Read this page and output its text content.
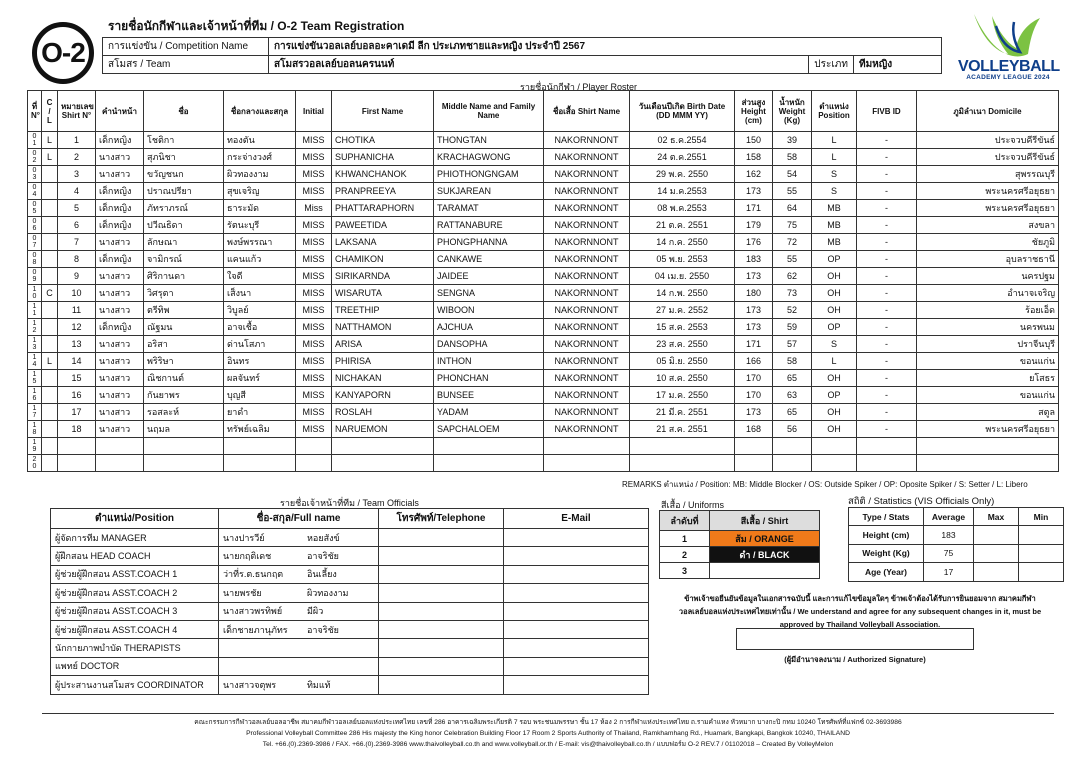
O-2
รายชื่อนักกีฬาและเจ้าหน้าที่ทีม / O-2 Team Registration
การแข่งขัน / Competition Name	การแข่งขันวอลเลย์บอลอะคาเดมี ลีก ประเภทชายและหญิง ประจำปี 2567		
สโมสร / Team	สโมสรวอลเลย์บอลนครนนท์	ประเภท	ทีมหญิง	VOLLEYBALL
ACADEMY LEAGUE 2024
รายชื่อนักกีฬา / Player Roster
ที่ N°	C / L	หมายเลข Shirt N°	คำนำหน้า	ชื่อ	ชื่อกลางและสกุล	Initial	First Name	Middle Name and Family Name	ชื่อเสื้อ Shirt Name	วันเดือนปีเกิด Birth Date (DD MMM YY)	ส่วนสูง Height (cm)	น้ำหนัก Weight (Kg)	ตำแหน่ง Position	FIVB ID	ภูมิลำเนา Domicile

0
1	L	1	เด็กหญิง	โชติกา	ทองตัน	MISS	CHOTIKA	THONGTAN	NAKORNNONT	02 ธ.ค.2554	150	39	L	-	ประจวบคีรีขันธ์

0
2	L	2	นางสาว	สุภนิชา	กระจ่างวงศ์	MISS	SUPHANICHA	KRACHAGWONG	NAKORNNONT	24 ต.ค.2551	158	58	L	-	ประจวบคีรีขันธ์

0
3		3	นางสาว	ขวัญชนก	ผิวทองงาม	MISS	KHWANCHANOK	PHIOTHONGNGAM	NAKORNNONT	29 พ.ค. 2550	162	54	S	-	สุพรรณบุรี

0
4		4	เด็กหญิง	ปราณปรียา	สุขเจริญ	MISS	PRANPREEYA	SUKJAREAN	NAKORNNONT	14 ม.ค.2553	173	55	S	-	พระนครศรีอยุธยา

0
5		5	เด็กหญิง	ภัทราภรณ์	ธาระมัด	Miss	PHATTARAPHORN	TARAMAT	NAKORNNONT	08 พ.ค.2553	171	64	MB	-	พระนครศรีอยุธยา

0
6		6	เด็กหญิง	ปวีณธิดา	รัตนะบุรี	MISS	PAWEETIDA	RATTANABURE	NAKORNNONT	21 ต.ค. 2551	179	75	MB	-	สงขลา

0
7		7	นางสาว	ลักษณา	พงษ์พรรณา	MISS	LAKSANA	PHONGPHANNA	NAKORNNONT	14 ก.ค. 2550	176	72	MB	-	ชัยภูมิ

0
8		8	เด็กหญิง	จามิกรณ์	แคนแก้ว	MISS	CHAMIKON	CANKAWE	NAKORNNONT	05 พ.ย. 2553	183	55	OP	-	อุบลราชธานี

0
9		9	นางสาว	ศิริกานดา	ใจดี	MISS	SIRIKARNDA	JAIDEE	NAKORNNONT	04 เม.ย. 2550	173	62	OH	-	นครปฐม

1
0	C	10	นางสาว	วิศรุตา	เส็งนา	MISS	WISARUTA	SENGNA	NAKORNNONT	14 ก.พ. 2550	180	73	OH	-	อำนาจเจริญ

1
1		11	นางสาว	ตรีทิพ	วิบูลย์	MISS	TREETHIP	WIBOON	NAKORNNONT	27 ม.ค. 2552	173	52	OH	-	ร้อยเอ็ด

1
2		12	เด็กหญิง	ณัฐมน	อาจเชื้อ	MISS	NATTHAMON	AJCHUA	NAKORNNONT	15 ส.ค. 2553	173	59	OP	-	นครพนม

1
3		13	นางสาว	อริสา	ด่านโสภา	MISS	ARISA	DANSOPHA	NAKORNNONT	23 ส.ค. 2550	171	57	S	-	ปราจีนบุรี

1
4	L	14	นางสาว	พริริษา	อินทร	MISS	PHIRISA	INTHON	NAKORNNONT	05 มิ.ย. 2550	166	58	L	-	ขอนแก่น

1
5		15	นางสาว	ณิชกานต์	ผลจันทร์	MISS	NICHAKAN	PHONCHAN	NAKORNNONT	10 ส.ค. 2550	170	65	OH	-	ยโสธร

1
6		16	นางสาว	กันยาพร	บุญสี	MISS	KANYAPORN	BUNSEE	NAKORNNONT	17 ม.ค. 2550	170	63	OP	-	ขอนแก่น

1
7		17	นางสาว	รอสละห์	ยาดำ	MISS	ROSLAH	YADAM	NAKORNNONT	21 มี.ค. 2551	173	65	OH	-	สตูล

1
8		18	นางสาว	นฤมล	ทรัพย์เฉลิม	MISS	NARUEMON	SAPCHALOEM	NAKORNNONT	21 ส.ค. 2551	168	56	OH	-	พระนครศรีอยุธยา

1
9															

2
0															

REMARKS ตำแหน่ง / Position: MB: Middle Blocker / OS: Outside Spiker / OP: Oposite Spiker / S: Setter / L: Libero
รายชื่อเจ้าหน้าที่ทีม / Team Officials
ตำแหน่ง/Position	ชื่อ-สกุล/Full name	โทรศัพท์/Telephone	E-Mail
ผู้จัดการทีม MANAGER	นางปารวีย์ หอยสังข์		
ผู้ฝึกสอน HEAD COACH	นายกฤติเดช อาจริชัย		
ผู้ช่วยผู้ฝึกสอน ASST.COACH 1	ว่าที่ร.ต.ธนกฤต อินเลี้ยง		
ผู้ช่วยผู้ฝึกสอน ASST.COACH 2	นายพรชัย ผิวทองงาม		
ผู้ช่วยผู้ฝึกสอน ASST.COACH 3	นางสาวพรทิพย์ มีผิว		
ผู้ช่วยผู้ฝึกสอน ASST.COACH 4	เด็กชายภานุภัทร อาจริชัย		
นักกายภาพบำบัด THERAPISTS			
แพทย์ DOCTOR			
ผู้ประสานงานสโมสร COORDINATOR	นางสาวจตุพร ทิมแท้		
สีเสื้อ / Uniforms
ลำดับที่	สีเสื้อ / Shirt
1	ส้ม / ORANGE
2	ดำ / BLACK
3	
สถิติ / Statistics (VIS Officials Only)
Type / Stats	Average	Max	Min
Height (cm)	183		
Weight (Kg)	75		
Age (Year)	17		
ข้าพเจ้าขอยืนยันข้อมูลในเอกสารฉบับนี้ และการแก้ไขข้อมูลใดๆ ข้าพเจ้าต้องได้รับการยินยอมจาก สมาคมกีฬา
วอลเลย์บอลแห่งประเทศไทยเท่านั้น / We understand and agree for any subsequent changes in it, must be
approved by Thailand Volleyball Association.
(ผู้มีอำนาจลงนาม / Authorized Signature)
คณะกรรมการกีฬาวอลเลย์บอลอาชีพ สมาคมกีฬาวอลเลย์บอลแห่งประเทศไทย เลขที่ 286 อาคารเฉลิมพระเกียรติ 7 รอบ พระชนมพรรษา ชั้น 17 ห้อง 2 การกีฬาแห่งประเทศไทย ถ.รามคำแหง หัวหมาก บางกะปิ กทม 10240 โทรศัพท์ที่แฟกซ์ 02-3693986
Professional Volleyball Committee 286 His majesty the King honor Celebration Building Floor 17 Room 2 Sports Authority of Thailand, Ramkhamhang Rd., Huamark, Bangkapi, Bangkok 10240, THAILAND
Tel. +66.(0).2369-3986 / FAX. +66.(0).2369-3986 www.thaivolleyball.co.th and www.volleyball.or.th / E-mail: vis@thaivolleyball.co.th / แบบฟอร์ม O-2 REV.7 / 01102018 – Created By VolleyMelon
